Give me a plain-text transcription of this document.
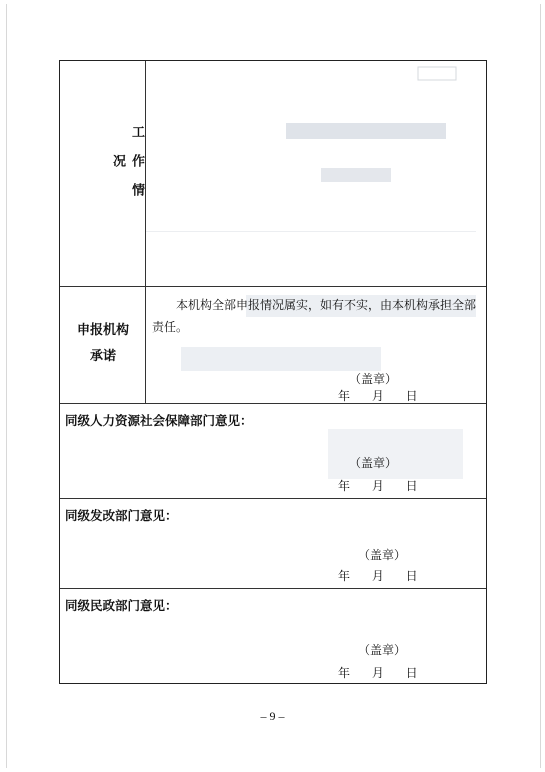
工作情况
申报机构
承诺
本机构全部申报情况属实，如有不实，由本机构承担全部责任。
（盖章）
年 月 日
同级人力资源社会保障部门意见：
（盖章）
年 月 日
同级发改部门意见：
（盖章）
年 月 日
同级民政部门意见：
（盖章）
年 月 日
– 9 –
